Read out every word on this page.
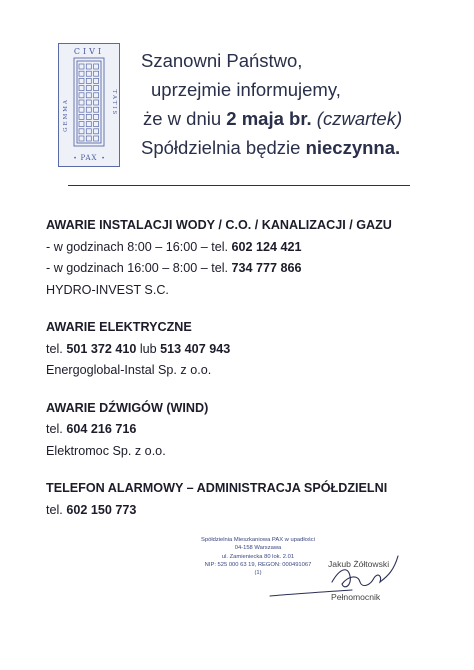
CIVI
GEMMA	TATIS
PAX
•	•
Szanowni Państwo,
uprzejmie informujemy,
że w dniu 2 maja br. (czwartek)
Spółdzielnia będzie nieczynna.
AWARIE INSTALACJI WODY / C.O. / KANALIZACJI / GAZU
- w godzinach 8:00 – 16:00 – tel. 602 124 421
- w godzinach 16:00 – 8:00 – tel. 734 777 866
HYDRO-INVEST S.C.
AWARIE ELEKTRYCZNE
tel. 501 372 410 lub 513 407 943
Energoglobal-Instal Sp. z o.o.
AWARIE DŹWIGÓW (WIND)
tel. 604 216 716
Elektromoc Sp. z o.o.
TELEFON ALARMOWY – ADMINISTRACJA SPÓŁDZIELNI
tel. 602 150 773
Spółdzielnia Mieszkaniowa PAX w upadłości
04-158 Warszawa
ul. Zamieniecka 80 lok. 2.01
NIP: 525 000 63 19, REGON: 000491067
(1)
Jakub Żółtowski
Pełnomocnik
